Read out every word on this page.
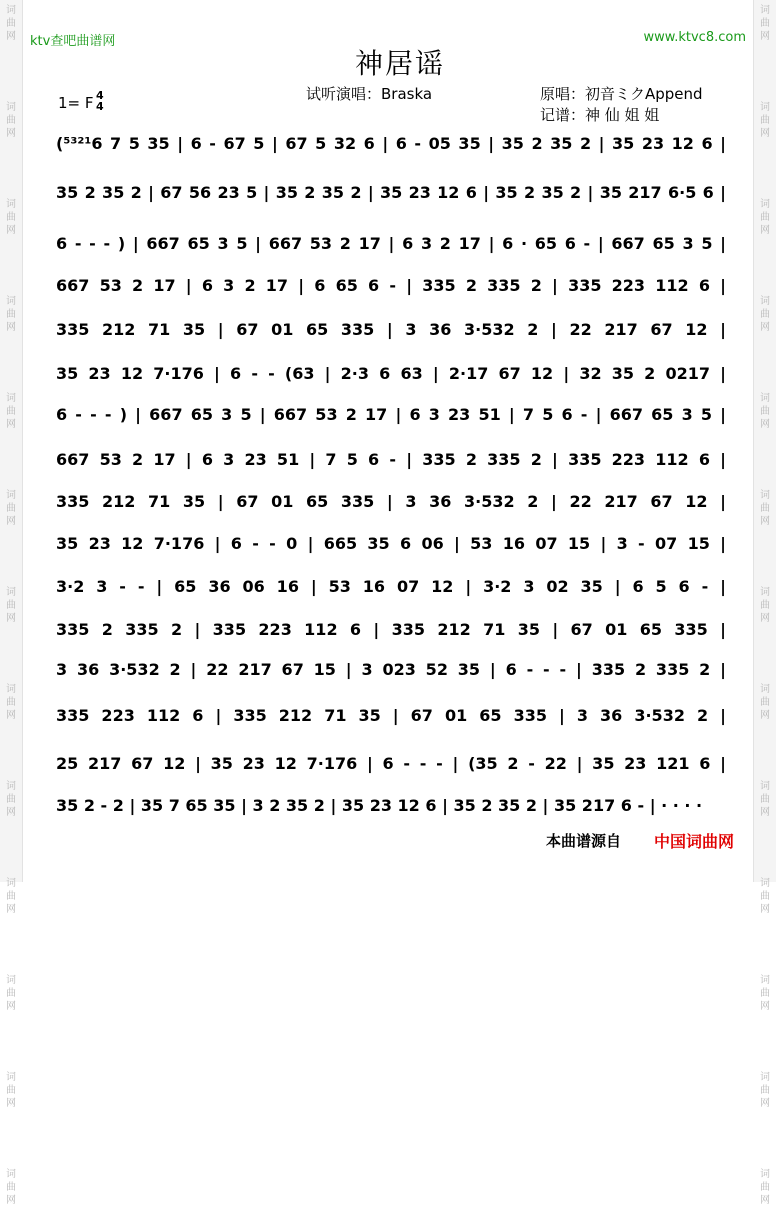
词
曲
网
词
曲
网
词
曲
网
词
曲
网
词
曲
网
词
曲
网
词
曲
网
词
曲
网
词
曲
网
词
曲
网
词
曲
网
词
曲
网
词
曲
网
词
曲
网
词
曲
网
词
曲
网
词
曲
网
词
曲
网
词
曲
网
词
曲
网
词
曲
网
词
曲
网
词
曲
网
词
曲
网
词
曲
网
词
曲
网
ktv查吧曲谱网	www.ktvc8.com
神居谣
试听演唱：Braska	原唱：初音ミクAppend
记谱：神 仙 姐 姐
1= F 4
4
(⁵³²¹6 7 5 35 | 6 - 67 5 | 67 5 32 6 | 6 - 05 35 | 35 2 35 2 | 35 23 12 6 |
35 2 35 2 | 67 56 23 5 | 35 2 35 2 | 35 23 12 6 | 35 2 35 2 | 35 217 6·5 6 |
6 - - - ) | 667 65 3 5 | 667 53 2 17 | 6 3 2 17 | 6 · 65 6 - | 667 65 3 5 |
667 53 2 17 | 6 3 2 17 | 6 65 6 - | 335 2 335 2 | 335 223 112 6 |
335 212 71 35 | 67 01 65 335 | 3 36 3·532 2 | 22 217 67 12 |
35 23 12 7·176 | 6 - - (63 | 2·3 6 63 | 2·17 67 12 | 32 35 2 0217 |
6 - - - ) | 667 65 3 5 | 667 53 2 17 | 6 3 23 51 | 7 5 6 - | 667 65 3 5 |
667 53 2 17 | 6 3 23 51 | 7 5 6 - | 335 2 335 2 | 335 223 112 6 |
335 212 71 35 | 67 01 65 335 | 3 36 3·532 2 | 22 217 67 12 |
35 23 12 7·176 | 6 - - 0 | 665 35 6 06 | 53 16 07 15 | 3 - 07 15 |
3·2 3 - - | 65 36 06 16 | 53 16 07 12 | 3·2 3 02 35 | 6 5 6 - |
335 2 335 2 | 335 223 112 6 | 335 212 71 35 | 67 01 65 335 |
3 36 3·532 2 | 22 217 67 15 | 3 023 52 35 | 6 - - - | 335 2 335 2 |
335 223 112 6 | 335 212 71 35 | 67 01 65 335 | 3 36 3·532 2 |
25 217 67 12 | 35 23 12 7·176 | 6 - - - | (35 2 - 22 | 35 23 121 6 |
35 2 - 2 | 35 7 65 35 | 3 2 35 2 | 35 23 12 6 | 35 2 35 2 | 35 217 6 - | · · · ·
本曲谱源自 中国词曲网
